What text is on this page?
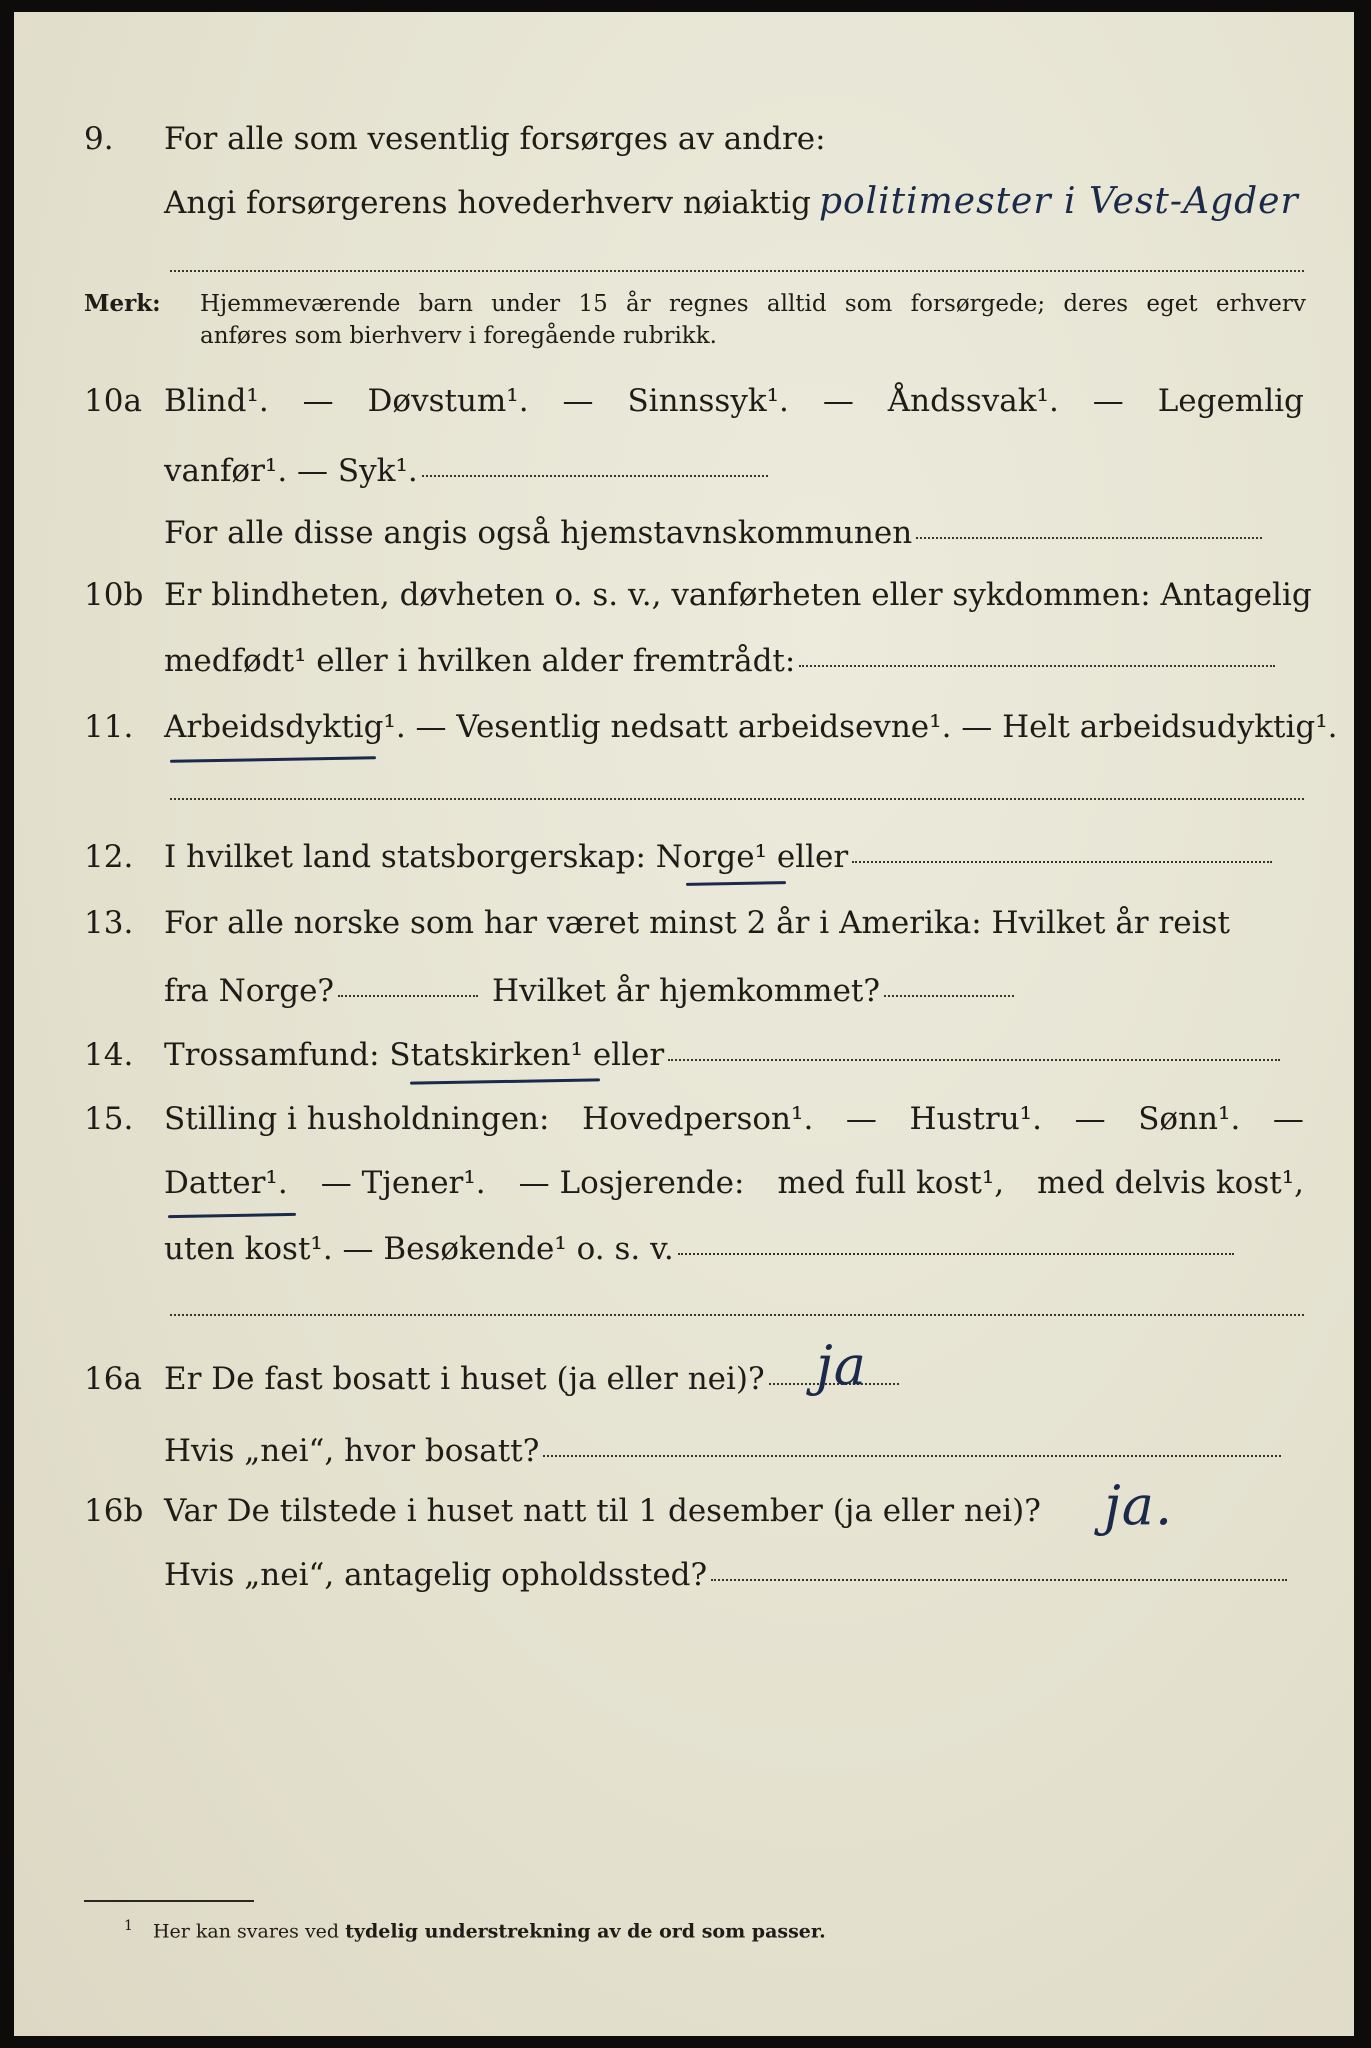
9.	For alle som vesentlig forsørges av andre:
Angi forsørgerens hovederhverv nøiaktig politimester i Vest-Agder
Merk: Hjemmeværende barn under 15 år regnes alltid som forsørgede; deres eget erhverv
anføres som bierhverv i foregående rubrikk.
10a Blind¹. — Døvstum¹. — Sinnssyk¹. — Åndssvak¹. — Legemlig
vanfør¹. — Syk¹.
For alle disse angis også hjemstavnskommunen
10b Er blindheten, døvheten o. s. v., vanførheten eller sykdommen: Antagelig
medfødt¹ eller i hvilken alder fremtrådt:
11. Arbeidsdyktig¹. — Vesentlig nedsatt arbeidsevne¹. — Helt arbeidsudyktig¹.
12. I hvilket land statsborgerskap: Norge¹ eller
13. For alle norske som har været minst 2 år i Amerika: Hvilket år reist
fra Norge?	Hvilket år hjemkommet?
14. Trossamfund: Statskirken¹ eller
15. Stilling i husholdningen: Hovedperson¹. — Hustru¹. — Sønn¹. —
Datter¹. — Tjener¹. — Losjerende: med full kost¹, med delvis kost¹,
uten kost¹. — Besøkende¹ o. s. v.
16a Er De fast bosatt i huset (ja eller nei)? ja
Hvis „nei“, hvor bosatt?
16b Var De tilstede i huset natt til 1 desember (ja eller nei)? ja.
Hvis „nei“, antagelig opholdssted?
$^1$ Her kan svares ved tydelig understrekning av de ord som passer.
